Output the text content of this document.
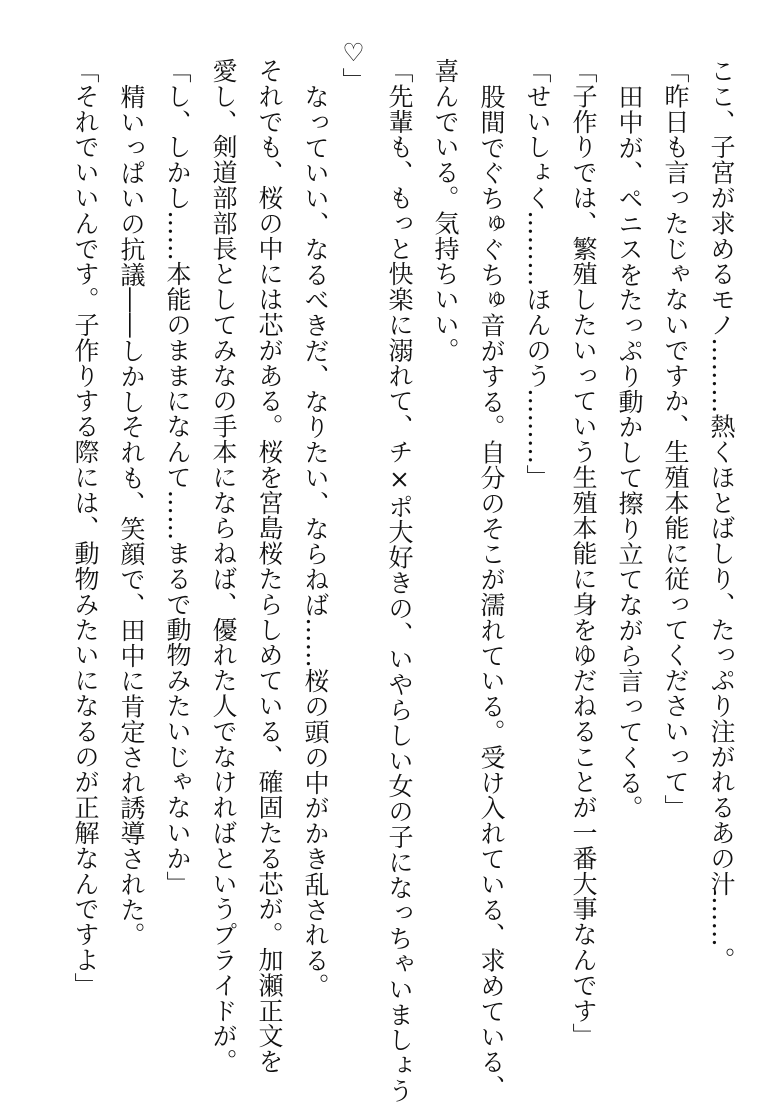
ここ、子宮が求めるモノ………熱くほとばしり、たっぷり注がれるあの汁……。
「昨日も言ったじゃないですか、生殖本能に従ってくださいって」
田中が、ペニスをたっぷり動かして擦り立てながら言ってくる。
「子作りでは、繁殖したいっていう生殖本能に身をゆだねることが一番大事なんです」
「せいしょく………ほんのう………」
股間でぐちゅぐちゅ音がする。自分のそこが濡れている。受け入れている、求めている、
喜んでいる。気持ちいい。
「先輩も、もっと快楽に溺れて、チ×ポ大好きの、いやらしい女の子になっちゃいましょう
♡」
なっていい、なるべきだ、なりたい、ならねば……桜の頭の中がかき乱される。
それでも、桜の中には芯がある。桜を宮島桜たらしめている、確固たる芯が。加瀬正文を
愛し、剣道部部長としてみなの手本にならねば、優れた人でなければというプライドが。
「し、しかし……本能のままになんて……まるで動物みたいじゃないか」
精いっぱいの抗議――しかしそれも、笑顔で、田中に肯定され誘導された。
「それでいいんです。子作りする際には、動物みたいになるのが正解なんですよ」
